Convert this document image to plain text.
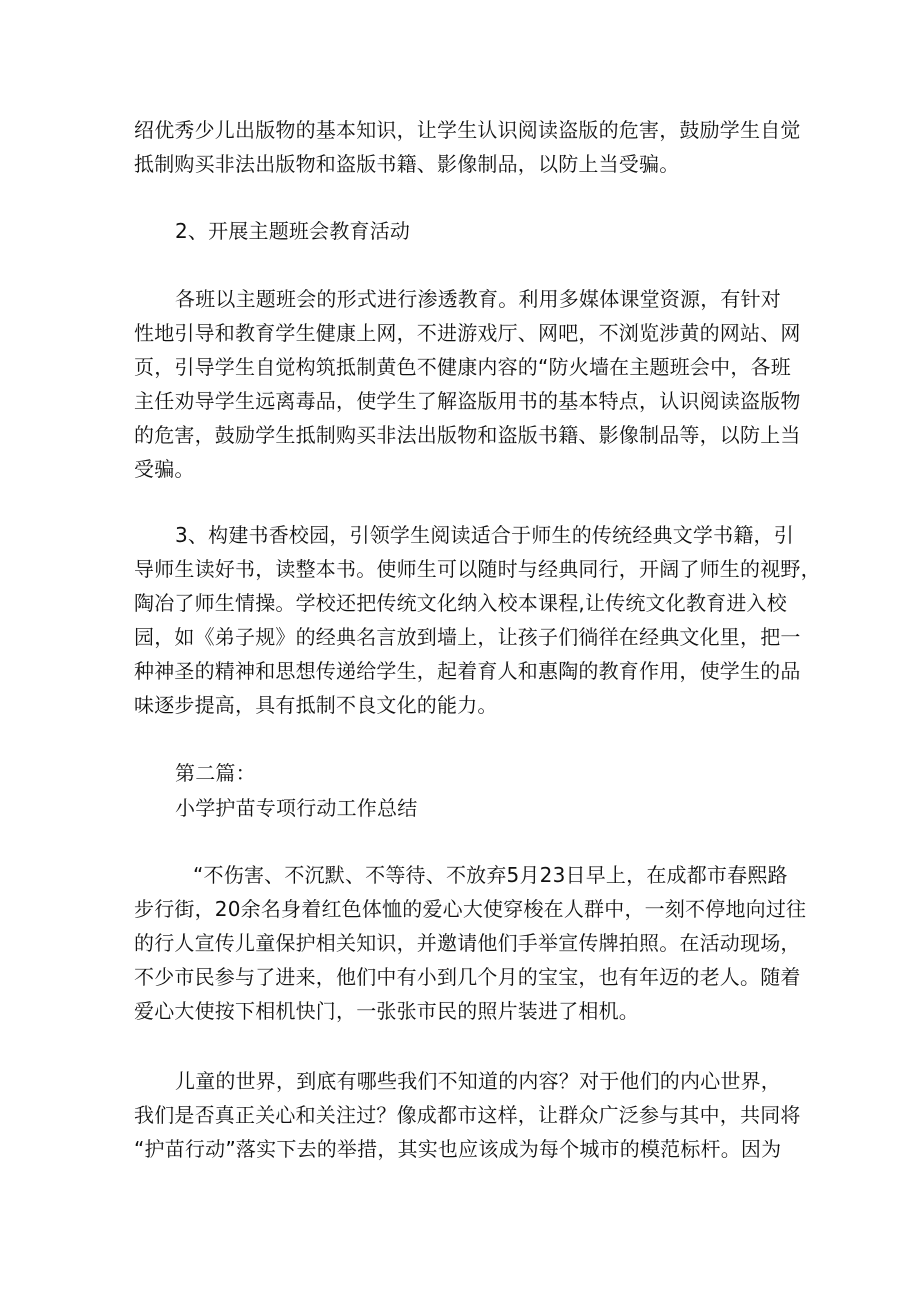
绍优秀少儿出版物的基本知识，让学生认识阅读盗版的危害，鼓励学生自觉
抵制购买非法出版物和盗版书籍、影像制品，以防上当受骗。
2、开展主题班会教育活动
各班以主题班会的形式进行渗透教育。利用多媒体课堂资源，有针对
性地引导和教育学生健康上网，不进游戏厅、网吧，不浏览涉黄的网站、网
页，引导学生自觉构筑抵制黄色不健康内容的“防火墙在主题班会中，各班
主任劝导学生远离毒品，使学生了解盗版用书的基本特点，认识阅读盗版物
的危害，鼓励学生抵制购买非法出版物和盗版书籍、影像制品等，以防上当
受骗。
3、构建书香校园，引领学生阅读适合于师生的传统经典文学书籍，引
导师生读好书，读整本书。使师生可以随时与经典同行，开阔了师生的视野，
陶冶了师生情操。学校还把传统文化纳入校本课程,让传统文化教育进入校
园，如《弟子规》的经典名言放到墙上，让孩子们徜徉在经典文化里，把一
种神圣的精神和思想传递给学生，起着育人和惠陶的教育作用，使学生的品
味逐步提高，具有抵制不良文化的能力。
第二篇：
小学护苗专项行动工作总结
“不伤害、不沉默、不等待、不放弃5月23日早上，在成都市春熙路
步行街，20余名身着红色体恤的爱心大使穿梭在人群中，一刻不停地向过往
的行人宣传儿童保护相关知识，并邀请他们手举宣传牌拍照。在活动现场，
不少市民参与了进来，他们中有小到几个月的宝宝，也有年迈的老人。随着
爱心大使按下相机快门，一张张市民的照片装进了相机。
儿童的世界，到底有哪些我们不知道的内容？对于他们的内心世界，
我们是否真正关心和关注过？像成都市这样，让群众广泛参与其中，共同将
“护苗行动”落实下去的举措，其实也应该成为每个城市的模范标杆。因为
